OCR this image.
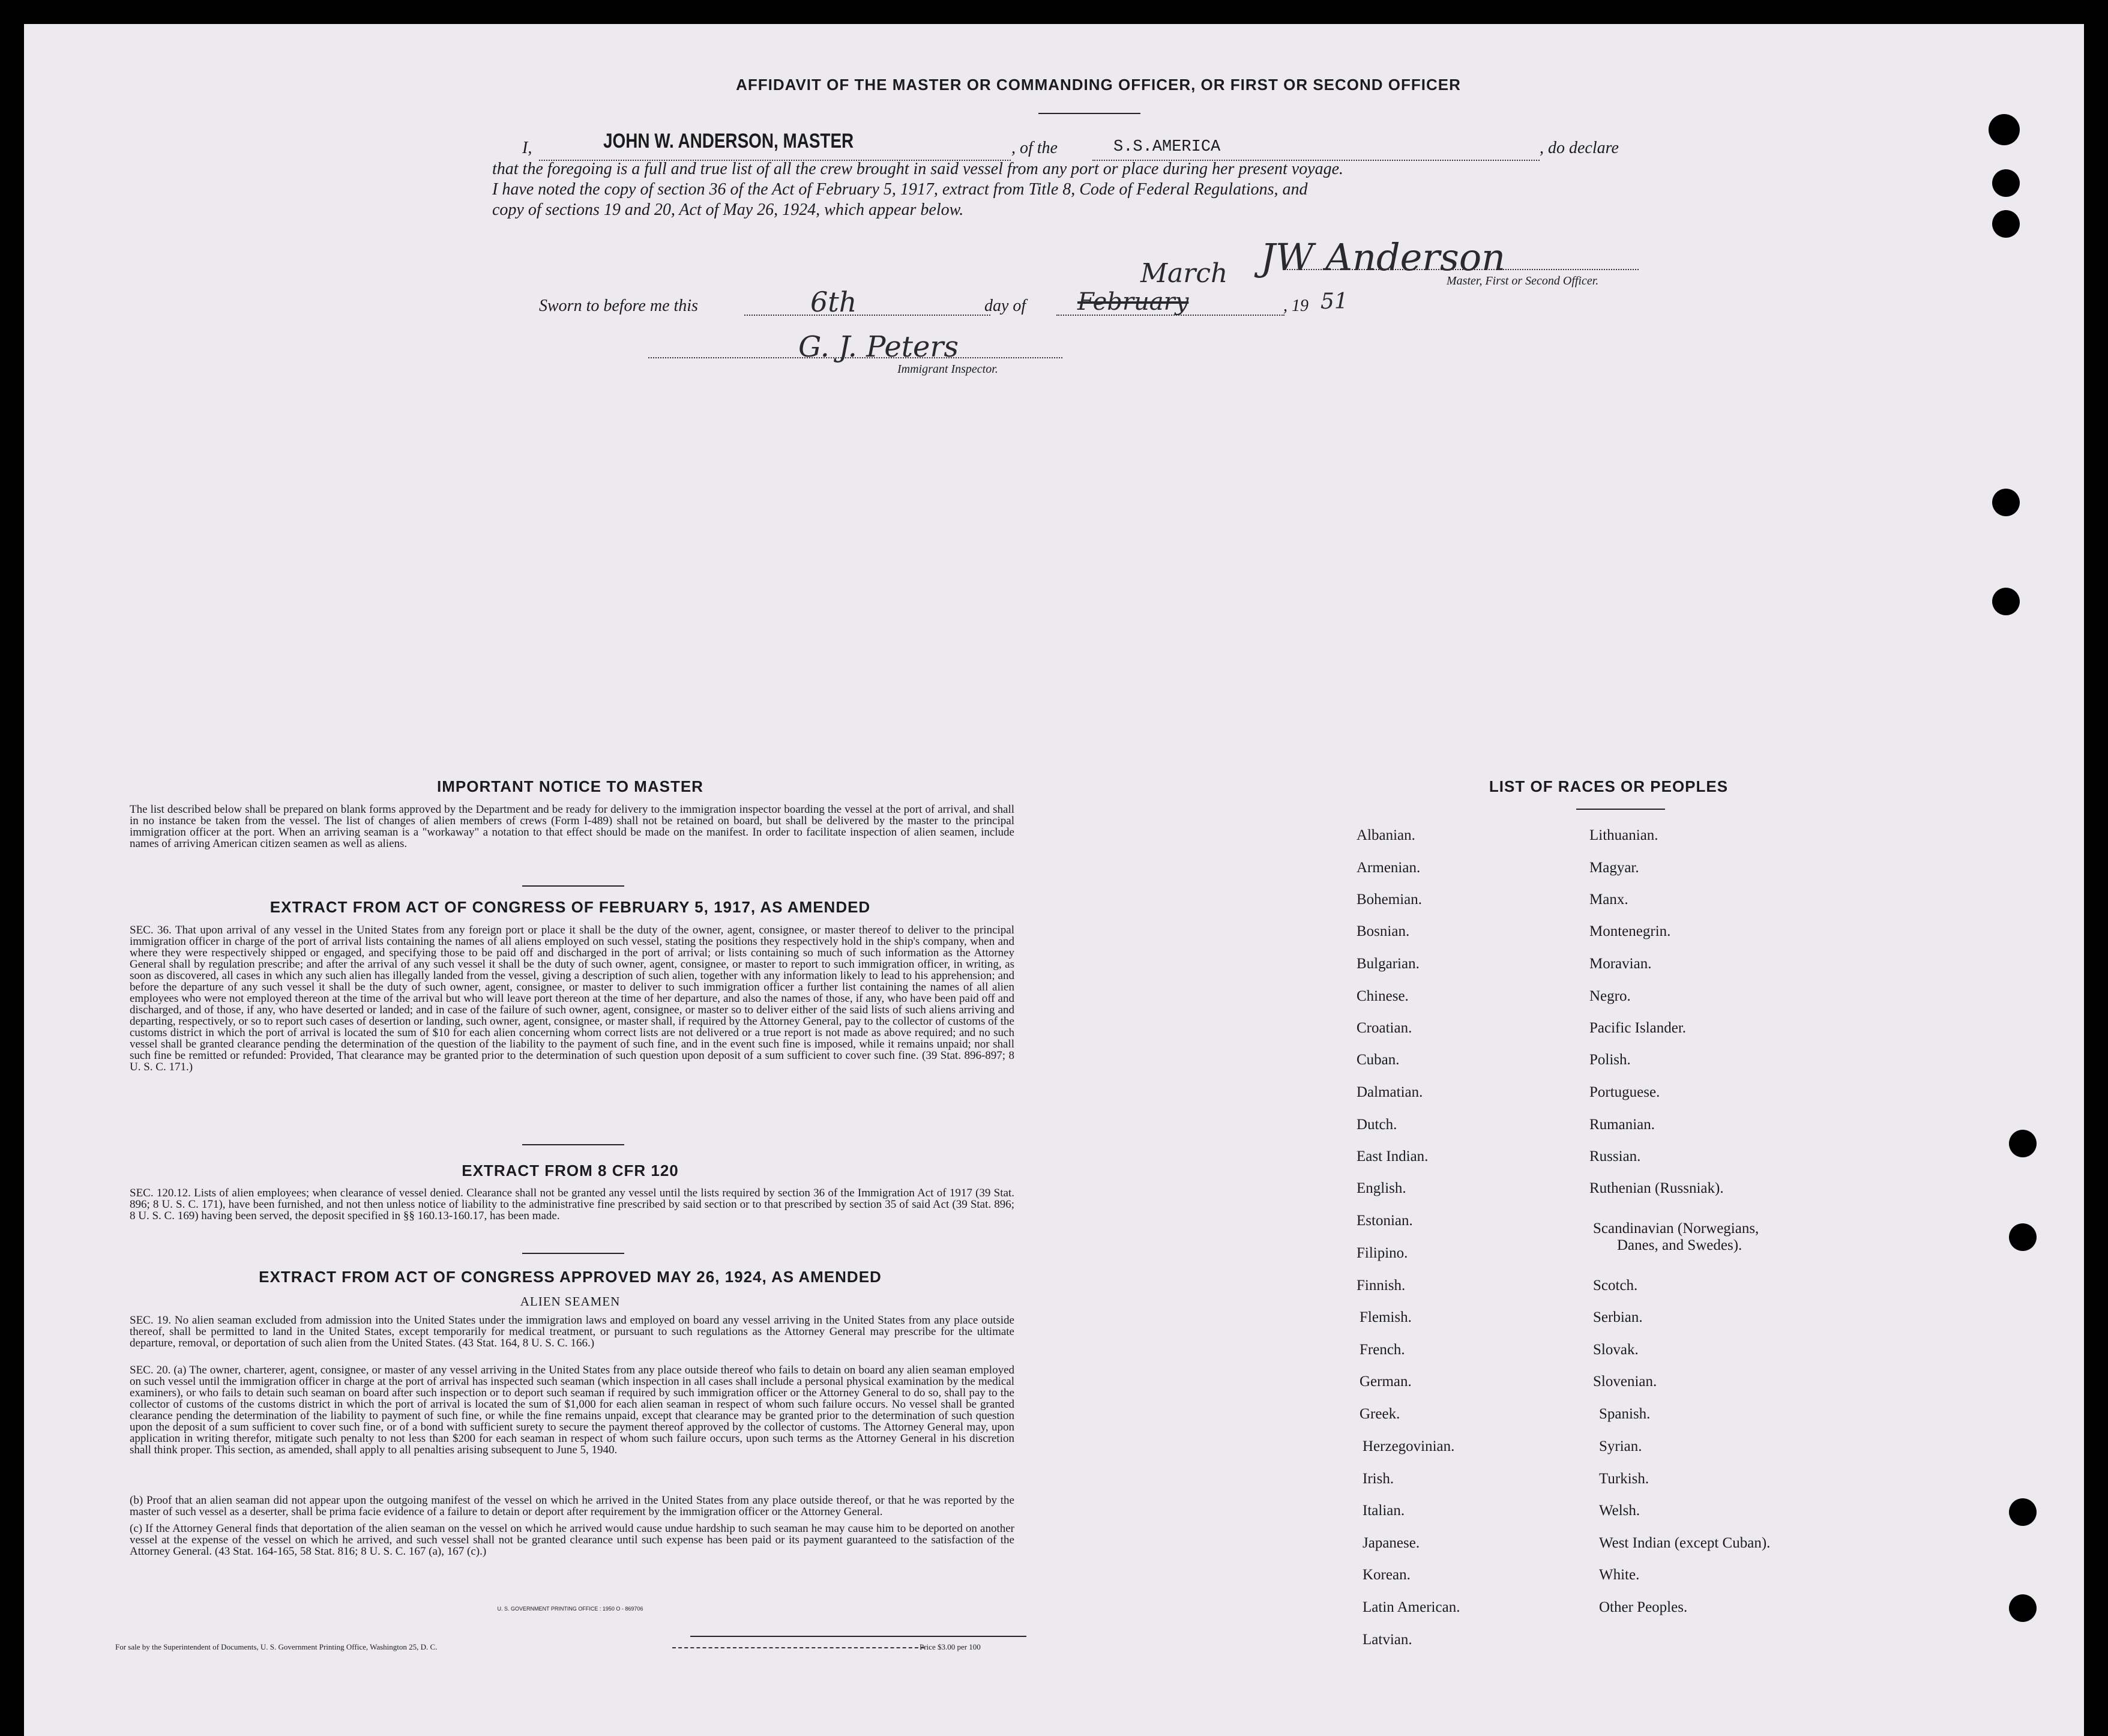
AFFIDAVIT OF THE MASTER OR COMMANDING OFFICER, OR FIRST OR SECOND OFFICER
I,	JOHN W. ANDERSON, MASTER	, of the	S.S.AMERICA	, do declare
that the foregoing is a full and true list of all the crew brought in said vessel from any port or place during her present voyage.
I have noted the copy of section 36 of the Act of February 5, 1917, extract from Title 8, Code of Federal Regulations, and
copy of sections 19 and 20, Act of May 26, 1924, which appear below.
JW Anderson
Master, First or Second Officer.
Sworn to before me this	6th	day of February
March
, 19 51
G. J. Peters
Immigrant Inspector.
IMPORTANT NOTICE TO MASTER
The list described below shall be prepared on blank forms approved by the Department and be ready for delivery to the immigration inspector boarding the vessel at the port of arrival, and shall in no instance be taken from the vessel. The list of changes of alien members of crews (Form I-489) shall not be retained on board, but shall be delivered by the master to the principal immigration officer at the port. When an arriving seaman is a "workaway" a notation to that effect should be made on the manifest. In order to facilitate inspection of alien seamen, include names of arriving American citizen seamen as well as aliens.
EXTRACT FROM ACT OF CONGRESS OF FEBRUARY 5, 1917, AS AMENDED
SEC. 36. That upon arrival of any vessel in the United States from any foreign port or place it shall be the duty of the owner, agent, consignee, or master thereof to deliver to the principal immigration officer in charge of the port of arrival lists containing the names of all aliens employed on such vessel, stating the positions they respectively hold in the ship's company, when and where they were respectively shipped or engaged, and specifying those to be paid off and discharged in the port of arrival; or lists containing so much of such information as the Attorney General shall by regulation prescribe; and after the arrival of any such vessel it shall be the duty of such owner, agent, consignee, or master to report to such immigration officer, in writing, as soon as discovered, all cases in which any such alien has illegally landed from the vessel, giving a description of such alien, together with any information likely to lead to his apprehension; and before the departure of any such vessel it shall be the duty of such owner, agent, consignee, or master to deliver to such immigration officer a further list containing the names of all alien employees who were not employed thereon at the time of the arrival but who will leave port thereon at the time of her departure, and also the names of those, if any, who have been paid off and discharged, and of those, if any, who have deserted or landed; and in case of the failure of such owner, agent, consignee, or master so to deliver either of the said lists of such aliens arriving and departing, respectively, or so to report such cases of desertion or landing, such owner, agent, consignee, or master shall, if required by the Attorney General, pay to the collector of customs of the customs district in which the port of arrival is located the sum of $10 for each alien concerning whom correct lists are not delivered or a true report is not made as above required; and no such vessel shall be granted clearance pending the determination of the question of the liability to the payment of such fine, and in the event such fine is imposed, while it remains unpaid; nor shall such fine be remitted or refunded: Provided, That clearance may be granted prior to the determination of such question upon deposit of a sum sufficient to cover such fine. (39 Stat. 896-897; 8 U. S. C. 171.)
EXTRACT FROM 8 CFR 120
SEC. 120.12. Lists of alien employees; when clearance of vessel denied. Clearance shall not be granted any vessel until the lists required by section 36 of the Immigration Act of 1917 (39 Stat. 896; 8 U. S. C. 171), have been furnished, and not then unless notice of liability to the administrative fine prescribed by said section or to that prescribed by section 35 of said Act (39 Stat. 896; 8 U. S. C. 169) having been served, the deposit specified in §§ 160.13-160.17, has been made.
EXTRACT FROM ACT OF CONGRESS APPROVED MAY 26, 1924, AS AMENDED
ALIEN SEAMEN
SEC. 19. No alien seaman excluded from admission into the United States under the immigration laws and employed on board any vessel arriving in the United States from any place outside thereof, shall be permitted to land in the United States, except temporarily for medical treatment, or pursuant to such regulations as the Attorney General may prescribe for the ultimate departure, removal, or deportation of such alien from the United States. (43 Stat. 164, 8 U. S. C. 166.)
SEC. 20. (a) The owner, charterer, agent, consignee, or master of any vessel arriving in the United States from any place outside thereof who fails to detain on board any alien seaman employed on such vessel until the immigration officer in charge at the port of arrival has inspected such seaman (which inspection in all cases shall include a personal physical examination by the medical examiners), or who fails to detain such seaman on board after such inspection or to deport such seaman if required by such immigration officer or the Attorney General to do so, shall pay to the collector of customs of the customs district in which the port of arrival is located the sum of $1,000 for each alien seaman in respect of whom such failure occurs. No vessel shall be granted clearance pending the determination of the liability to payment of such fine, or while the fine remains unpaid, except that clearance may be granted prior to the determination of such question upon the deposit of a sum sufficient to cover such fine, or of a bond with sufficient surety to secure the payment thereof approved by the collector of customs. The Attorney General may, upon application in writing therefor, mitigate such penalty to not less than $200 for each seaman in respect of whom such failure occurs, upon such terms as the Attorney General in his discretion shall think proper. This section, as amended, shall apply to all penalties arising subsequent to June 5, 1940.
(b) Proof that an alien seaman did not appear upon the outgoing manifest of the vessel on which he arrived in the United States from any place outside thereof, or that he was reported by the master of such vessel as a deserter, shall be prima facie evidence of a failure to detain or deport after requirement by the immigration officer or the Attorney General.
(c) If the Attorney General finds that deportation of the alien seaman on the vessel on which he arrived would cause undue hardship to such seaman he may cause him to be deported on another vessel at the expense of the vessel on which he arrived, and such vessel shall not be granted clearance until such expense has been paid or its payment guaranteed to the satisfaction of the Attorney General. (43 Stat. 164-165, 58 Stat. 816; 8 U. S. C. 167 (a), 167 (c).)
U. S. GOVERNMENT PRINTING OFFICE : 1950 O - 869706
For sale by the Superintendent of Documents, U. S. Government Printing Office, Washington 25, D. C.	Price $3.00 per 100
LIST OF RACES OR PEOPLES
Albanian.
Armenian.
Bohemian.
Bosnian.
Bulgarian.
Chinese.
Croatian.
Cuban.
Dalmatian.
Dutch.
East Indian.
English.
Estonian.
Filipino.
Finnish.
Flemish.
French.
German.
Greek.
Herzegovinian.
Irish.
Italian.
Japanese.
Korean.
Latin American.
Latvian.
Lithuanian.
Magyar.
Manx.
Montenegrin.
Moravian.
Negro.
Pacific Islander.
Polish.
Portuguese.
Rumanian.
Russian.
Ruthenian (Russniak).
Scandinavian (Norwegians,
Danes, and Swedes).
Scotch.
Serbian.
Slovak.
Slovenian.
Spanish.
Syrian.
Turkish.
Welsh.
West Indian (except Cuban).
White.
Other Peoples.
